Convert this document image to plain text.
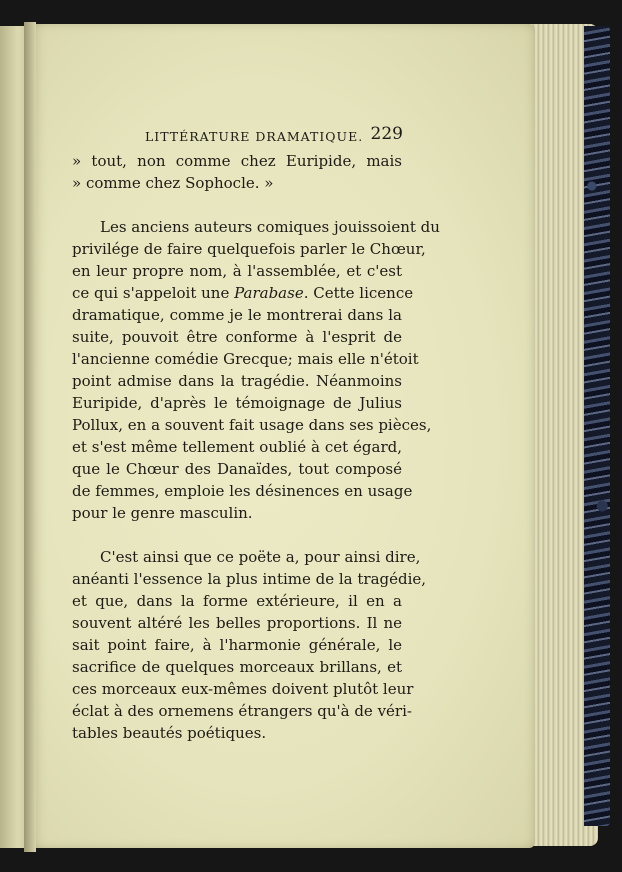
LITTÉRATURE DRAMATIQUE. 229
» tout, non comme chez Euripide, mais
» comme chez Sophocle. »
Les anciens auteurs comiques jouissoient du
privilége de faire quelquefois parler le Chœur,
en leur propre nom, à l'assemblée, et c'est
ce qui s'appeloit une Parabase. Cette licence
dramatique, comme je le montrerai dans la
suite, pouvoit être conforme à l'esprit de
l'ancienne comédie Grecque; mais elle n'étoit
point admise dans la tragédie. Néanmoins
Euripide, d'après le témoignage de Julius
Pollux, en a souvent fait usage dans ses pièces,
et s'est même tellement oublié à cet égard,
que le Chœur des Danaïdes, tout composé
de femmes, emploie les désinences en usage
pour le genre masculin.
C'est ainsi que ce poëte a, pour ainsi dire,
anéanti l'essence la plus intime de la tragédie,
et que, dans la forme extérieure, il en a
souvent altéré les belles proportions. Il ne
sait point faire, à l'harmonie générale, le
sacrifice de quelques morceaux brillans, et
ces morceaux eux-mêmes doivent plutôt leur
éclat à des ornemens étrangers qu'à de véri-
tables beautés poétiques.
